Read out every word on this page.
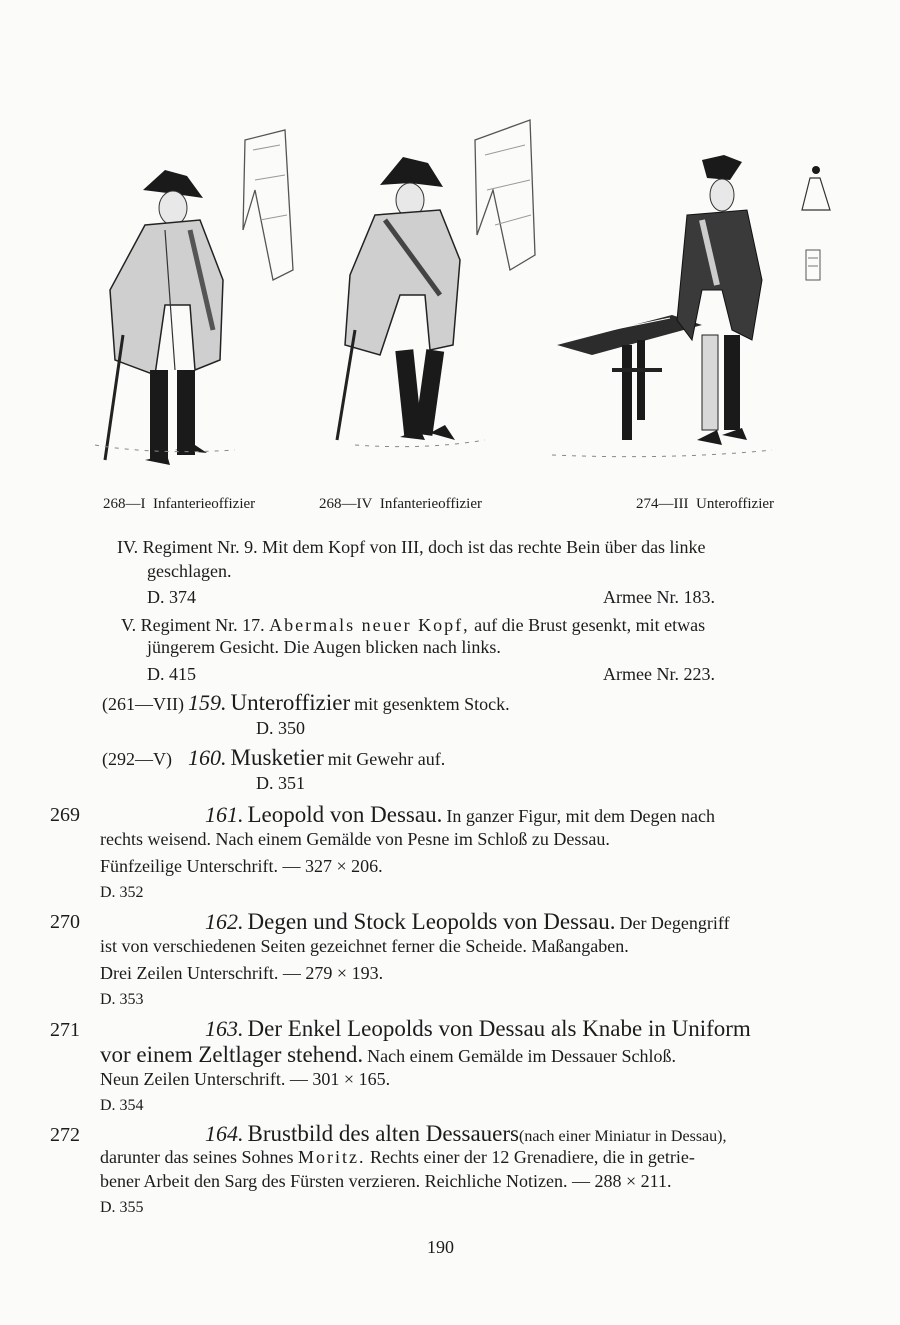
268—I Infanterieoffizier	268—IV Infanterieoffizier	274—III Unteroffizier
IV. Regiment Nr. 9. Mit dem Kopf von III, doch ist das rechte Bein über das linke
geschlagen.
D. 374	Armee Nr. 183.
V. Regiment Nr. 17. Abermals neuer Kopf, auf die Brust gesenkt, mit etwas
jüngerem Gesicht. Die Augen blicken nach links.
D. 415	Armee Nr. 223.
(261—VII) 159. Unteroffizier mit gesenktem Stock.
D. 350
(292—V) 160. Musketier mit Gewehr auf.
D. 351
269	161. Leopold von Dessau. In ganzer Figur, mit dem Degen nach
rechts weisend. Nach einem Gemälde von Pesne im Schloß zu Dessau.
Fünfzeilige Unterschrift. — 327 × 206.
D. 352
270	162. Degen und Stock Leopolds von Dessau. Der Degengriff
ist von verschiedenen Seiten gezeichnet ferner die Scheide. Maßangaben.
Drei Zeilen Unterschrift. — 279 × 193.
D. 353
271	163. Der Enkel Leopolds von Dessau als Knabe in Uniform
vor einem Zeltlager stehend. Nach einem Gemälde im Dessauer Schloß.
Neun Zeilen Unterschrift. — 301 × 165.
D. 354
272	164. Brustbild des alten Dessauers(nach einer Miniatur in Dessau),
darunter das seines Sohnes Moritz. Rechts einer der 12 Grenadiere, die in getrie-
bener Arbeit den Sarg des Fürsten verzieren. Reichliche Notizen. — 288 × 211.
D. 355
190
